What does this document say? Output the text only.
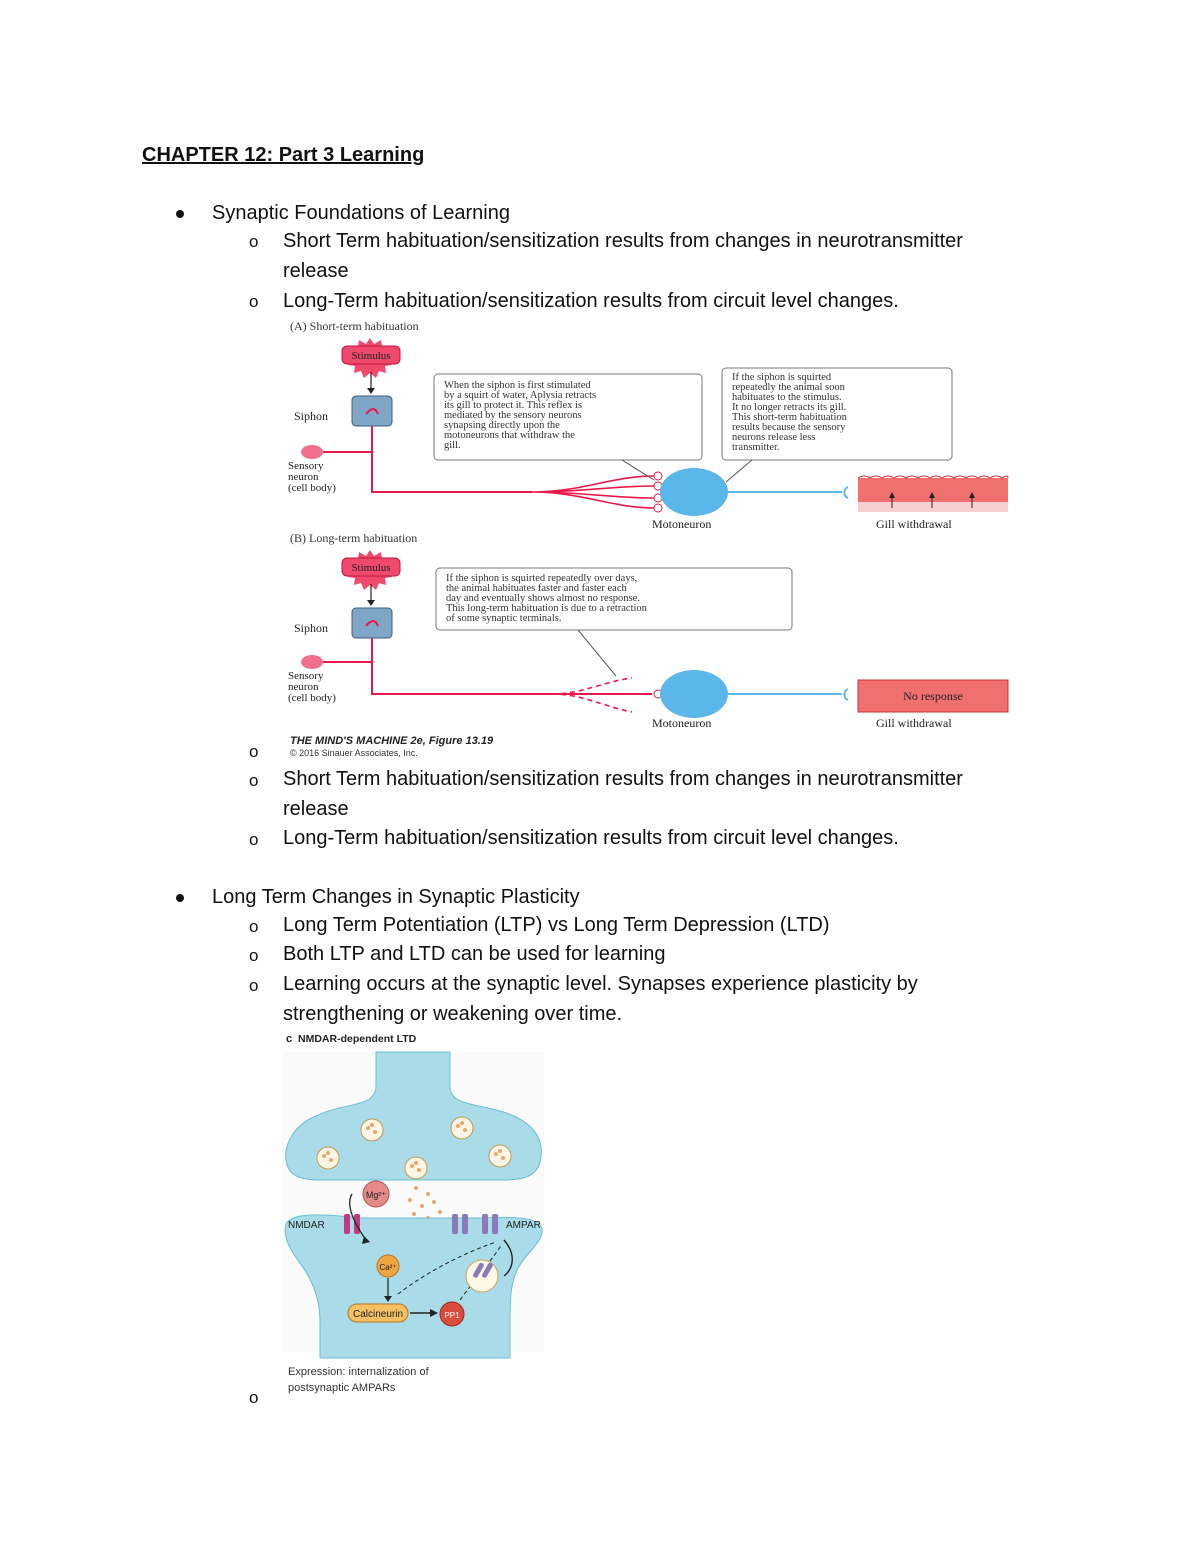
CHAPTER 12: Part 3 Learning
Synaptic Foundations of Learning
o Short Term habituation/sensitization results from changes in neurotransmitter
release
o Long-Term habituation/sensitization results from circuit level changes.
(A) Short-term habituation
Stimulus
Siphon
Sensory
neuron
(cell body)
Motoneuron	Gill withdrawal
When the siphon is first stimulated
by a squirt of water, Aplysia retracts
its gill to protect it. This reflex is
mediated by the sensory neurons
synapsing directly upon the
motoneurons that withdraw the
gill.
If the siphon is squirted
repeatedly the animal soon
habituates to the stimulus.
It no longer retracts its gill.
This short-term habituation
results because the sensory
neurons release less
transmitter.
(B) Long-term habituation
Stimulus
Siphon
Sensory
neuron
(cell body)
Motoneuron
No response
Gill withdrawal
If the siphon is squirted repeatedly over days,
the animal habituates faster and faster each
day and eventually shows almost no response.
This long-term habituation is due to a retraction
of some synaptic terminals.
THE MIND'S MACHINE 2e, Figure 13.19
© 2016 Sinauer Associates, Inc.
o
o Short Term habituation/sensitization results from changes in neurotransmitter
release
o Long-Term habituation/sensitization results from circuit level changes.
Long Term Changes in Synaptic Plasticity
o Long Term Potentiation (LTP) vs Long Term Depression (LTD)
o Both LTP and LTD can be used for learning
o Learning occurs at the synaptic level. Synapses experience plasticity by
strengthening or weakening over time.
c NMDAR-dependent LTD
Mg²⁺
NMDAR	AMPAR
Ca²⁺
Calcineurin	PP1
Expression: internalization of
postsynaptic AMPARs
o
